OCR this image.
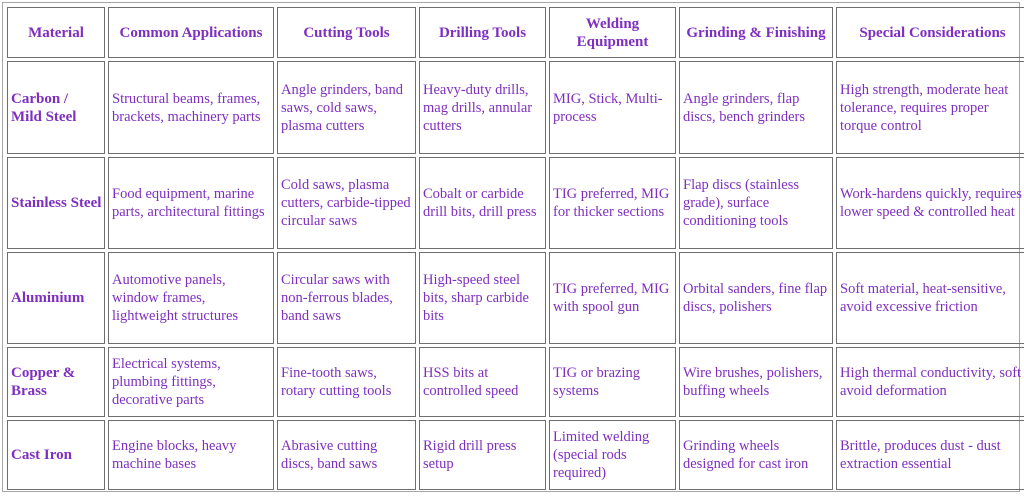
Material	Common Applications	Cutting Tools	Drilling Tools	Welding Equipment	Grinding & Finishing	Special Considerations
Carbon / Mild Steel	Structural beams, frames, brackets, machinery parts	Angle grinders, band saws, cold saws, plasma cutters	Heavy-duty drills, mag drills, annular cutters	MIG, Stick, Multi-process	Angle grinders, flap discs, bench grinders	High strength, moderate heat tolerance, requires proper torque control
Stainless Steel	Food equipment, marine parts, architectural fittings	Cold saws, plasma cutters, carbide-tipped circular saws	Cobalt or carbide drill bits, drill press	TIG preferred, MIG for thicker sections	Flap discs (stainless grade), surface conditioning tools	Work-hardens quickly, requires lower speed & controlled heat
Aluminium	Automotive panels, window frames, lightweight structures	Circular saws with non-ferrous blades, band saws	High-speed steel bits, sharp carbide bits	TIG preferred, MIG with spool gun	Orbital sanders, fine flap discs, polishers	Soft material, heat-sensitive, avoid excessive friction
Copper & Brass	Electrical systems, plumbing fittings, decorative parts	Fine-tooth saws, rotary cutting tools	HSS bits at controlled speed	TIG or brazing systems	Wire brushes, polishers, buffing wheels	High thermal conductivity, soft avoid deformation
Cast Iron	Engine blocks, heavy machine bases	Abrasive cutting discs, band saws	Rigid drill press setup	Limited welding (special rods required)	Grinding wheels designed for cast iron	Brittle, produces dust - dust extraction essential
